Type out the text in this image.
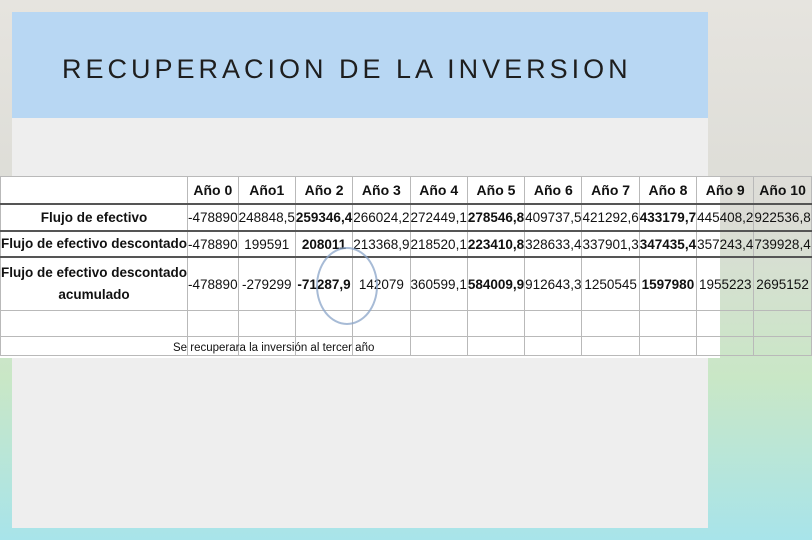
RECUPERACION DE LA INVERSION
	Año 0	Año1	Año 2	Año 3	Año 4	Año 5	Año 6	Año 7	Año 8	Año 9	Año 10
Flujo de efectivo	-478890	248848,5	259346,4	266024,2	272449,1	278546,8	409737,5	421292,6	433179,7	445408,2	922536,8
Flujo de efectivo descontado	-478890	199591	208011	213368,9	218520,1	223410,8	328633,4	337901,3	347435,4	357243,4	739928,4

Flujo de efectivo descontado
acumulado	-478890	-279299	-71287,9	142079	360599,1	584009,9	912643,3	1250545	1597980	1955223	2695152

Se recuperara la inversión al tercer año
